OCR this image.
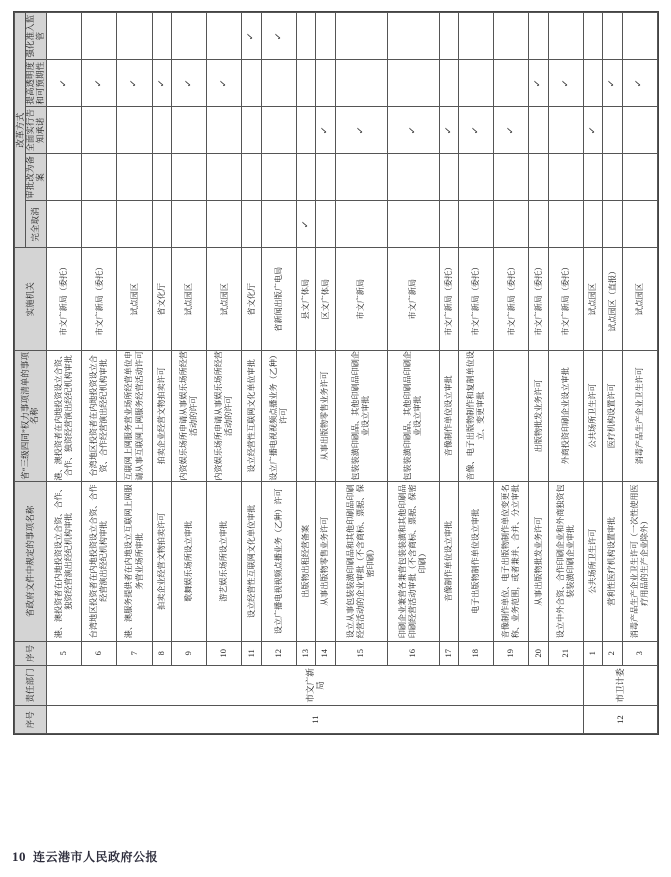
序号	责任部门	序号	省政府文件中规定的事项名称	省“三级四同”权力事项清单的事项名称	实施机关	改革方式				
						完全取消	审批改为备案	全面实行告知承诺	提高透明度和可预期性	强化准入监管
11	市文广新局	5	港、澳投资者在内地投资设立合资、合作、独资经营演出经纪机构审批	港、澳投资者在内地投资设立合资、合作、独资经营演出经纪机构审批	市文广新局（委托）				✓	
		6	台湾地区投资者在内地投资设立合资、合作经营演出经纪机构审批	台湾地区投资者在内地投资设立合资、合作经营演出经纪机构审批	市文广新局（委托）				✓	
		7	港、澳服务提供者在内地设立互联网上网服务营业场所审批	互联网上网服务营业场所经营单位申请从事互联网上网服务经营活动许可	试点园区				✓	
		8	拍卖企业经营文物拍卖许可	拍卖企业经营文物拍卖许可	省文化厅				✓	
		9	歌舞娱乐场所设立审批	内资娱乐场所申请从事娱乐场所经营活动的许可	试点园区				✓	
		10	游艺娱乐场所设立审批	内资娱乐场所申请从事娱乐场所经营活动的许可	试点园区				✓	
		11	设立经营性互联网文化单位审批	设立经营性互联网文化单位审批	省文化厅					✓
		12	设立广播电视视频点播业务（乙种）许可	设立广播电视视频点播业务（乙种）许可	省新闻出版广电局					✓
		13	出版物出租经营备案		县文广体局	✓				
		14	从事出版物零售业务许可	从事出版物零售业务许可	区文广体局			✓		
		15	设立从事包装装潢印刷品和其他印刷品印刷经营活动的企业审批（不含商标、票据、保密印刷）	包装装潢印刷品、其他印刷品印刷企业设立审批	市文广新局			✓		
		16	印刷企业兼营各兼营包装装潢和其他印刷品印刷经营活动审批（不含商标、票据、保密印刷）	包装装潢印刷品、其他印刷品印刷企业设立审批	市文广新局			✓		
		17	音像制作单位设立审批	音像制作单位设立审批	市文广新局（委托）			✓		
		18	电子出版物制作单位设立审批	音像、电子出版物制作和复制单位设立、变更审批	市文广新局（委托）			✓		
		19	音像制作单位、电子出版物制作单位变更名称、业务范围，或者兼并、合并、分立审批		市文广新局（委托）			✓		
		20	从事出版物批发业务许可	出版物批发业务许可	市文广新局（委托）				✓	
		21	设立中外合资、合作印刷企业和外商独资包装装潢印刷企业审批	外商投资印刷企业设立审批	市文广新局（委托）				✓	
12	市卫计委	1	公共场所卫生许可	公共场所卫生许可	试点园区			✓		
		2	营利性医疗机构设置审批	医疗机构设置许可	试点园区（直报）				✓	
		3	消毒产品生产企业卫生许可（一次性使用医疗用品的生产企业除外）	消毒产品生产企业卫生许可	试点园区				✓	
10 连云港市人民政府公报
